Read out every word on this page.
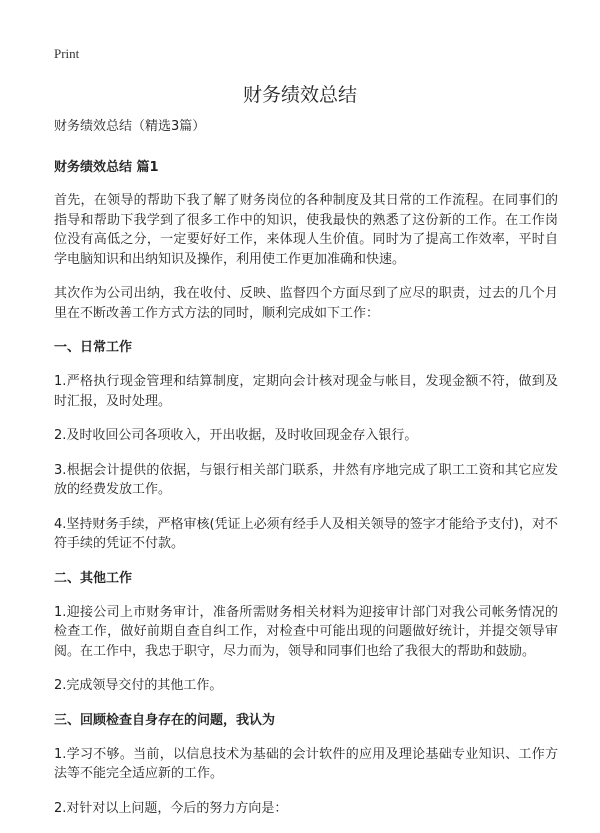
Print
财务绩效总结

财务绩效总结（精选3篇）

财务绩效总结 篇1

首先，在领导的帮助下我了解了财务岗位的各种制度及其日常的工作流程。在同事们的指导和帮助下我学到了很多工作中的知识，使我最快的熟悉了这份新的工作。在工作岗位没有高低之分，一定要好好工作，来体现人生价值。同时为了提高工作效率，平时自学电脑知识和出纳知识及操作，利用使工作更加准确和快速。

其次作为公司出纳，我在收付、反映、监督四个方面尽到了应尽的职责，过去的几个月里在不断改善工作方式方法的同时，顺利完成如下工作：

一、日常工作

1.严格执行现金管理和结算制度，定期向会计核对现金与帐目，发现金额不符，做到及时汇报，及时处理。

2.及时收回公司各项收入，开出收据，及时收回现金存入银行。

3.根据会计提供的依据，与银行相关部门联系，井然有序地完成了职工工资和其它应发放的经费发放工作。

4.坚持财务手续，严格审核(凭证上必须有经手人及相关领导的签字才能给予支付)，对不符手续的凭证不付款。

二、其他工作

1.迎接公司上市财务审计，准备所需财务相关材料为迎接审计部门对我公司帐务情况的检查工作，做好前期自查自纠工作，对检查中可能出现的问题做好统计，并提交领导审阅。在工作中，我忠于职守，尽力而为，领导和同事们也给了我很大的帮助和鼓励。

2.完成领导交付的其他工作。

三、回顾检查自身存在的问题，我认为

1.学习不够。当前，以信息技术为基础的会计软件的应用及理论基础专业知识、工作方法等不能完全适应新的工作。

2.对针对以上问题，今后的努力方向是：
